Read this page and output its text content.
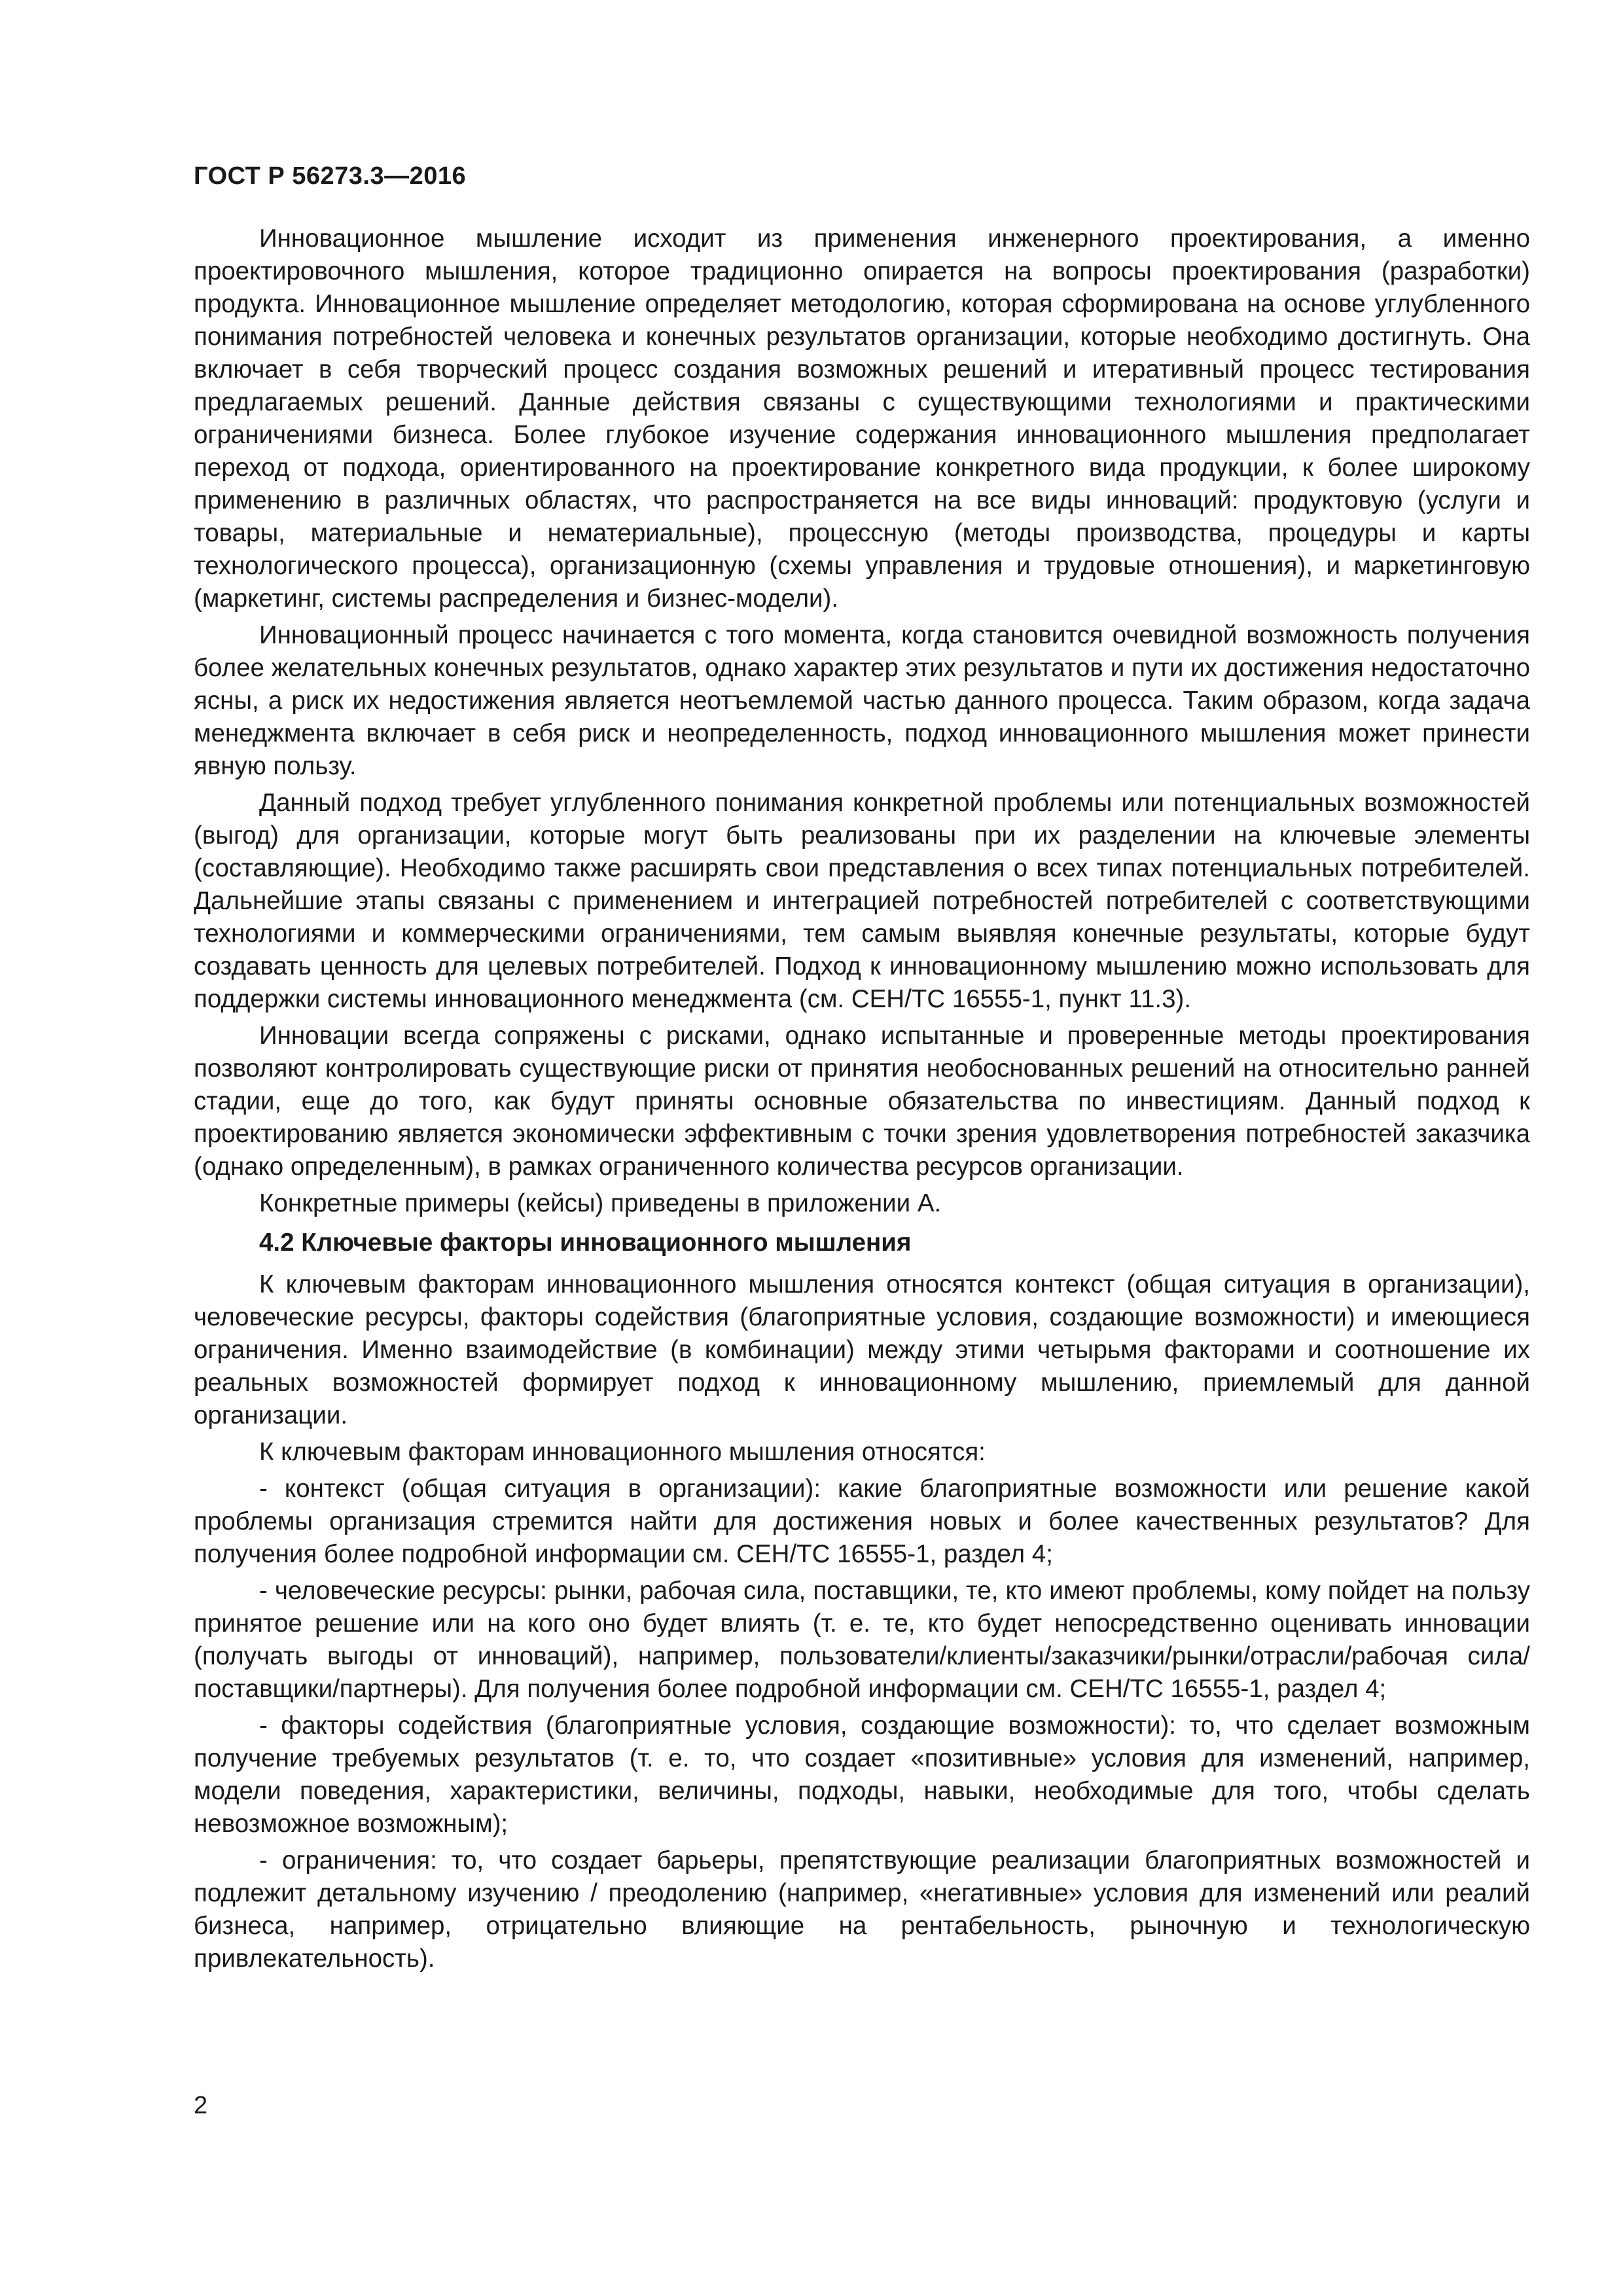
ГОСТ Р 56273.3—2016

Инновационное мышление исходит из применения инженерного проектирования, а именно проектировочного мышления, которое традиционно опирается на вопросы проектирования (разработки) продукта. Инновационное мышление определяет методологию, которая сформирована на основе углубленного понимания потребностей человека и конечных результатов организации, которые необходимо достигнуть. Она включает в себя творческий процесс создания возможных решений и итеративный процесс тестирования предлагаемых решений. Данные действия связаны с существующими технологиями и практическими ограничениями бизнеса. Более глубокое изучение содержания инновационного мышления предполагает переход от подхода, ориентированного на проектирование конкретного вида продукции, к более широкому применению в различных областях, что распространяется на все виды инноваций: продуктовую (услуги и товары, материальные и нематериальные), процессную (методы производства, процедуры и карты технологического процесса), организационную (схемы управления и трудовые отношения), и маркетинговую (маркетинг, системы распределения и бизнес-модели).

Инновационный процесс начинается с того момента, когда становится очевидной возможность получения более желательных конечных результатов, однако характер этих результатов и пути их достижения недостаточно ясны, а риск их недостижения является неотъемлемой частью данного процесса. Таким образом, когда задача менеджмента включает в себя риск и неопределенность, подход инновационного мышления может принести явную пользу.

Данный подход требует углубленного понимания конкретной проблемы или потенциальных возможностей (выгод) для организации, которые могут быть реализованы при их разделении на ключевые элементы (составляющие). Необходимо также расширять свои представления о всех типах потенциальных потребителей. Дальнейшие этапы связаны с применением и интеграцией потребностей потребителей с соответствующими технологиями и коммерческими ограничениями, тем самым выявляя конечные результаты, которые будут создавать ценность для целевых потребителей. Подход к инновационному мышлению можно использовать для поддержки системы инновационного менеджмента (см. CEH/TC 16555-1, пункт 11.3).

Инновации всегда сопряжены с рисками, однако испытанные и проверенные методы проектирования позволяют контролировать существующие риски от принятия необоснованных решений на относительно ранней стадии, еще до того, как будут приняты основные обязательства по инвестициям. Данный подход к проектированию является экономически эффективным с точки зрения удовлетворения потребностей заказчика (однако определенным), в рамках ограниченного количества ресурсов организации.

Конкретные примеры (кейсы) приведены в приложении А.

4.2 Ключевые факторы инновационного мышления

К ключевым факторам инновационного мышления относятся контекст (общая ситуация в организации), человеческие ресурсы, факторы содействия (благоприятные условия, создающие возможности) и имеющиеся ограничения. Именно взаимодействие (в комбинации) между этими четырьмя факторами и соотношение их реальных возможностей формирует подход к инновационному мышлению, приемлемый для данной организации.

К ключевым факторам инновационного мышления относятся:

- контекст (общая ситуация в организации): какие благоприятные возможности или решение какой проблемы организация стремится найти для достижения новых и более качественных результатов? Для получения более подробной информации см. CEH/TC 16555-1, раздел 4;

- человеческие ресурсы: рынки, рабочая сила, поставщики, те, кто имеют проблемы, кому пойдет на пользу принятое решение или на кого оно будет влиять (т. е. те, кто будет непосредственно оценивать инновации (получать выгоды от инноваций), например, пользователи/клиенты/заказчики/рынки/отрасли/рабочая сила/поставщики/партнеры). Для получения более подробной информации см. CEH/TC 16555-1, раздел 4;

- факторы содействия (благоприятные условия, создающие возможности): то, что сделает возможным получение требуемых результатов (т. е. то, что создает «позитивные» условия для изменений, например, модели поведения, характеристики, величины, подходы, навыки, необходимые для того, чтобы сделать невозможное возможным);

- ограничения: то, что создает барьеры, препятствующие реализации благоприятных возможностей и подлежит детальному изучению / преодолению (например, «негативные» условия для изменений или реалий бизнеса, например, отрицательно влияющие на рентабельность, рыночную и технологическую привлекательность).

2
